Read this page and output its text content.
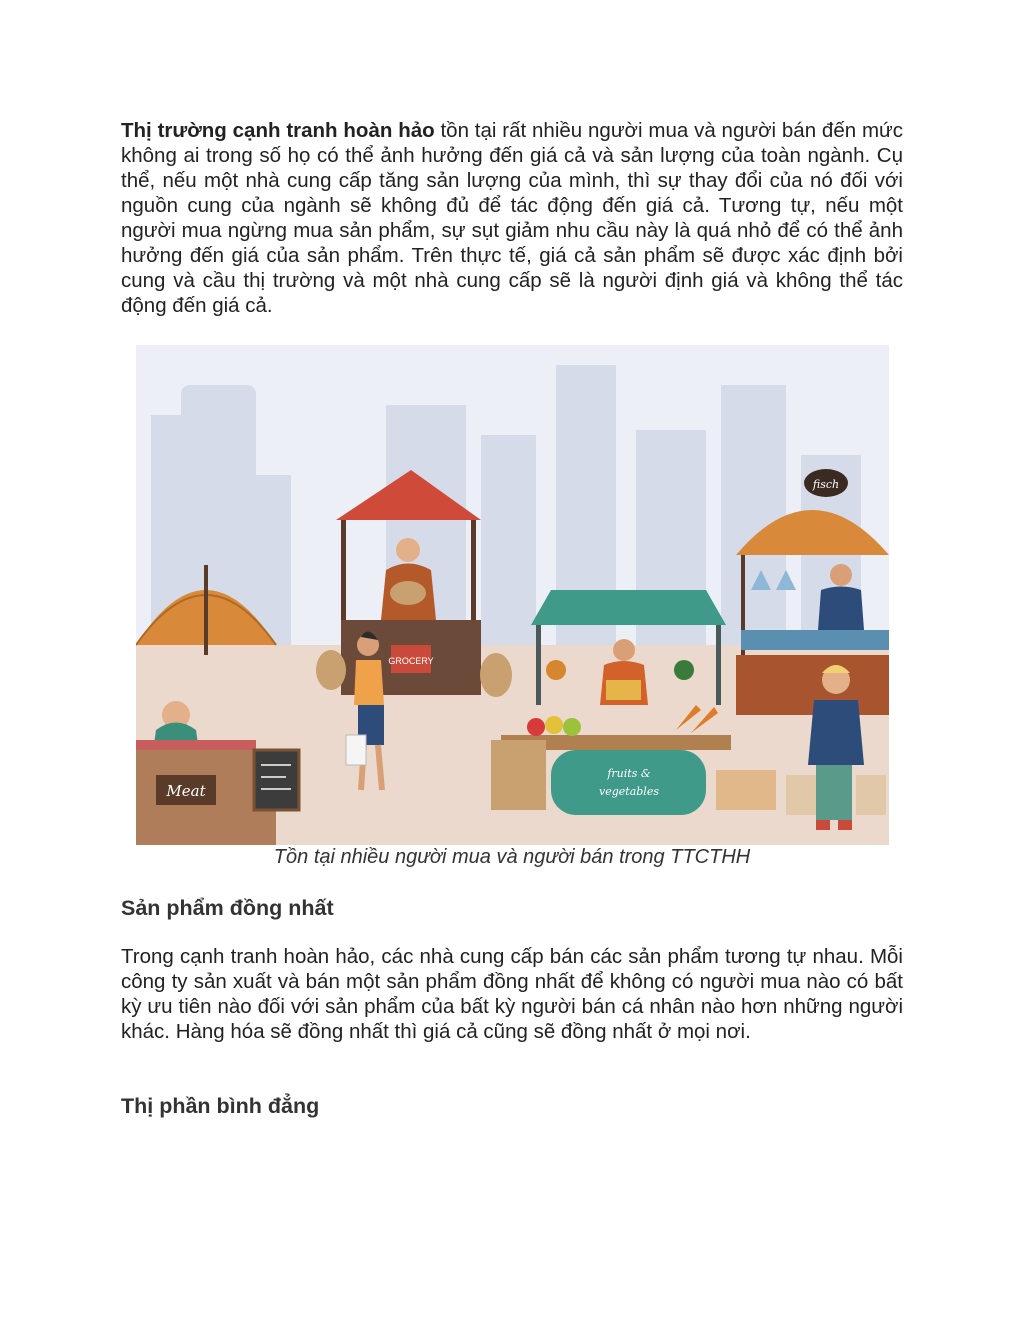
Thị trường cạnh tranh hoàn hảo tồn tại rất nhiều người mua và người bán đến mức không ai trong số họ có thể ảnh hưởng đến giá cả và sản lượng của toàn ngành. Cụ thể, nếu một nhà cung cấp tăng sản lượng của mình, thì sự thay đổi của nó đối với nguồn cung của ngành sẽ không đủ để tác động đến giá cả. Tương tự, nếu một người mua ngừng mua sản phẩm, sự sụt giảm nhu cầu này là quá nhỏ để có thể ảnh hưởng đến giá của sản phẩm. Trên thực tế, giá cả sản phẩm sẽ được xác định bởi cung và cầu thị trường và một nhà cung cấp sẽ là người định giá và không thể tác động đến giá cả.

Meat
GROCERY
fruits &
vegetables
fisch
Tồn tại nhiều người mua và người bán trong TTCTHH
Sản phẩm đồng nhất

Trong cạnh tranh hoàn hảo, các nhà cung cấp bán các sản phẩm tương tự nhau. Mỗi công ty sản xuất và bán một sản phẩm đồng nhất để không có người mua nào có bất kỳ ưu tiên nào đối với sản phẩm của bất kỳ người bán cá nhân nào hơn những người khác. Hàng hóa sẽ đồng nhất thì giá cả cũng sẽ đồng nhất ở mọi nơi.

Thị phần bình đẳng
